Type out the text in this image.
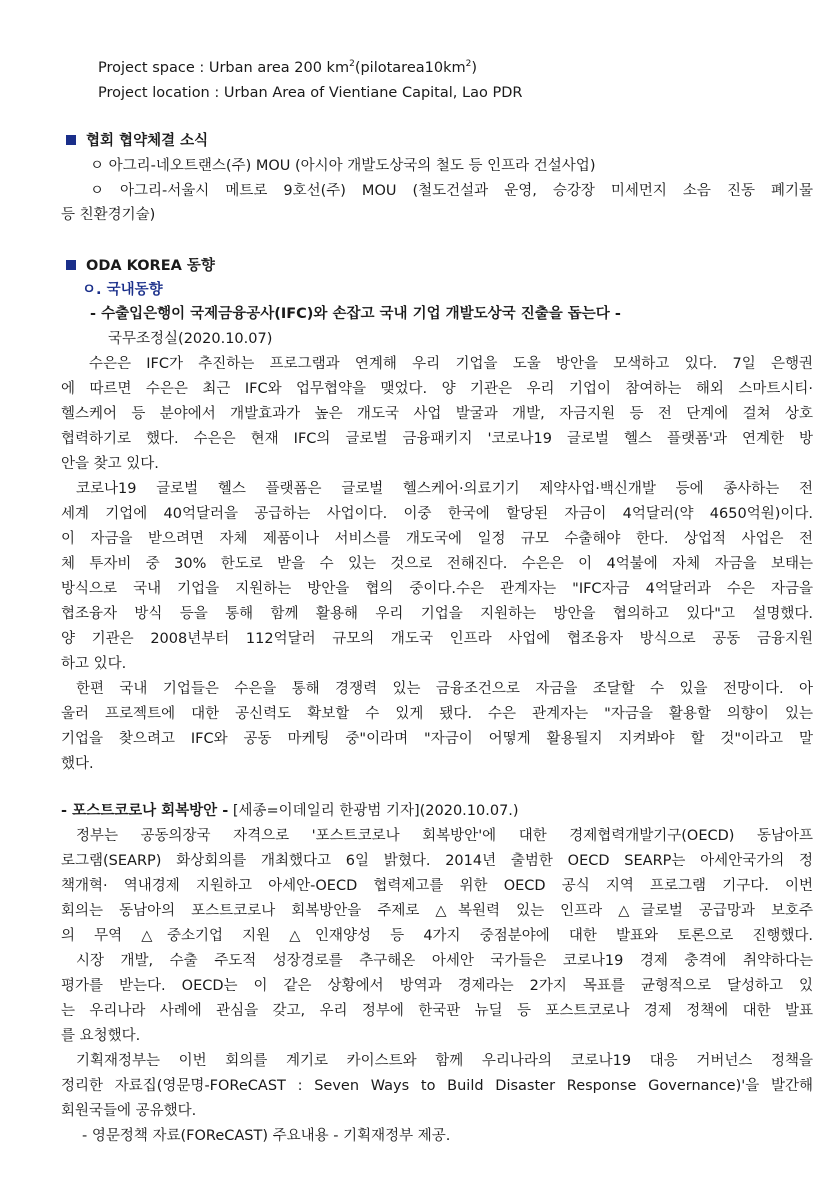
Project space : Urban area 200 $km^2(pilotarea10km^2)$
Project location : Urban Area of Vientiane Capital, Lao PDR
협회 협약체결 소식
ㅇ 아그리-네오트랜스(주) MOU (아시아 개발도상국의 철도 등 인프라 건설사업)
ㅇ 아그리-서울시 메트로 9호선(주) MOU (철도건설과 운영, 승강장 미세먼지 소음 진동 폐기물
등 친환경기술)
ODA KOREA 동향
ㅇ. 국내동향
- 수출입은행이 국제금융공사(IFC)와 손잡고 국내 기업 개발도상국 진출을 돕는다 -
국무조정실(2020.10.07)
수은은 IFC가 추진하는 프로그램과 연계해 우리 기업을 도울 방안을 모색하고 있다. 7일 은행권
에 따르면 수은은 최근 IFC와 업무협약을 맺었다. 양 기관은 우리 기업이 참여하는 해외 스마트시티·
헬스케어 등 분야에서 개발효과가 높은 개도국 사업 발굴과 개발, 자금지원 등 전 단계에 걸쳐 상호
협력하기로 했다. 수은은 현재 IFC의 글로벌 금융패키지 '코로나19 글로벌 헬스 플랫폼'과 연계한 방
안을 찾고 있다.
코로나19 글로벌 헬스 플랫폼은 글로벌 헬스케어·의료기기 제약사업·백신개발 등에 종사하는 전
세계 기업에 40억달러을 공급하는 사업이다. 이중 한국에 할당된 자금이 4억달러(약 4650억원)이다.
이 자금을 받으려면 자체 제품이나 서비스를 개도국에 일정 규모 수출해야 한다. 상업적 사업은 전
체 투자비 중 30% 한도로 받을 수 있는 것으로 전해진다. 수은은 이 4억불에 자체 자금을 보태는
방식으로 국내 기업을 지원하는 방안을 협의 중이다.수은 관계자는 "IFC자금 4억달러과 수은 자금을
협조융자 방식 등을 통해 함께 활용해 우리 기업을 지원하는 방안을 협의하고 있다"고 설명했다.
양 기관은 2008년부터 112억달러 규모의 개도국 인프라 사업에 협조융자 방식으로 공동 금융지원
하고 있다.
한편 국내 기업들은 수은을 통해 경쟁력 있는 금융조건으로 자금을 조달할 수 있을 전망이다. 아
울러 프로젝트에 대한 공신력도 확보할 수 있게 됐다. 수은 관계자는 "자금을 활용할 의향이 있는
기업을 찾으려고 IFC와 공동 마케팅 중"이라며 "자금이 어떻게 활용될지 지켜봐야 할 것"이라고 말
했다.
- 포스트코로나 회복방안 - [세종=이데일리 한광범 기자](2020.10.07.)
정부는 공동의장국 자격으로 '포스트코로나 회복방안'에 대한 경제협력개발기구(OECD) 동남아프
로그램(SEARP) 화상회의를 개최했다고 6일 밝혔다. 2014년 출범한 OECD SEARP는 아세안국가의 정
책개혁· 역내경제 지원하고 아세안-OECD 협력제고를 위한 OECD 공식 지역 프로그램 기구다. 이번
회의는 동남아의 포스트코로나 회복방안을 주제로 △복원력 있는 인프라 △글로벌 공급망과 보호주
의 무역 △중소기업 지원 △인재양성 등 4가지 중점분야에 대한 발표와 토론으로 진행했다.
시장 개발, 수출 주도적 성장경로를 추구해온 아세안 국가들은 코로나19 경제 충격에 취약하다는
평가를 받는다. OECD는 이 같은 상황에서 방역과 경제라는 2가지 목표를 균형적으로 달성하고 있
는 우리나라 사례에 관심을 갖고, 우리 정부에 한국판 뉴딜 등 포스트코로나 경제 정책에 대한 발표
를 요청했다.
기획재정부는 이번 회의를 계기로 카이스트와 함께 우리나라의 코로나19 대응 거버넌스 정책을
정리한 자료집(영문명-FOReCAST : Seven Ways to Build Disaster Response Governance)'을 발간해
회원국들에 공유했다.
- 영문정책 자료(FOReCAST) 주요내용 - 기획재정부 제공.
